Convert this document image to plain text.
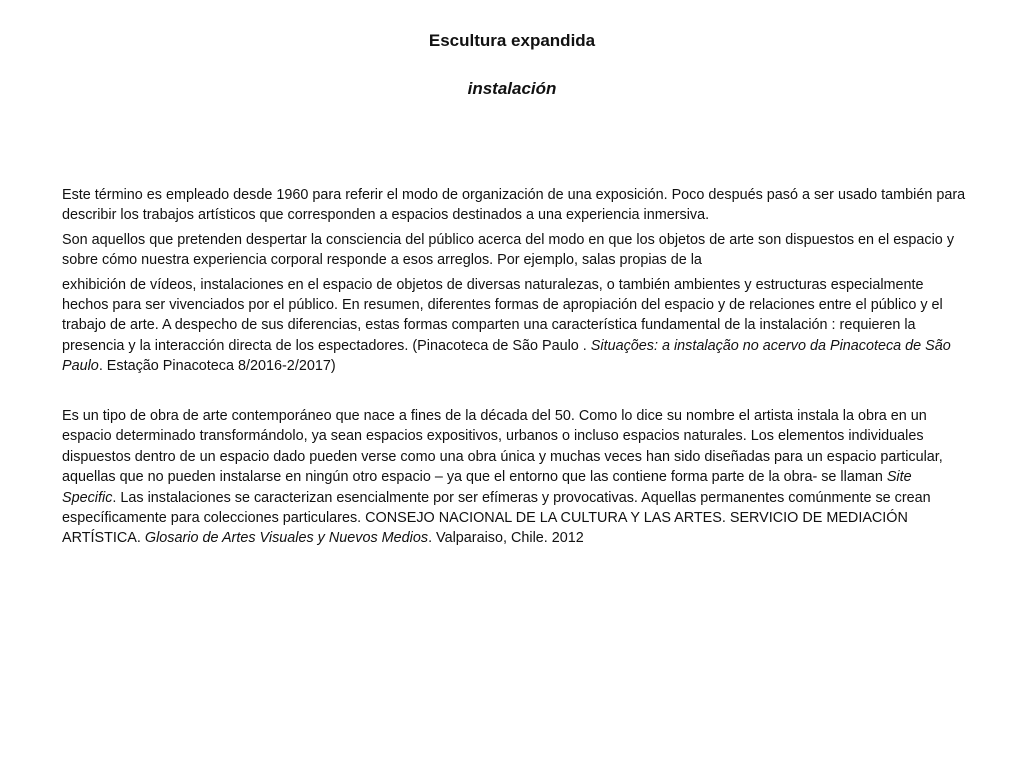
Escultura expandida
instalación

Este término es empleado desde 1960 para referir el modo de organización de una exposición. Poco después pasó a ser usado también para describir los trabajos artísticos que corresponden a espacios destinados a una experiencia inmersiva.

Son aquellos que pretenden despertar la consciencia del público acerca del modo en que los objetos de arte son dispuestos en el espacio y sobre cómo nuestra experiencia corporal responde a esos arreglos. Por ejemplo, salas propias de la

exhibición de vídeos, instalaciones en el espacio de objetos de diversas naturalezas, o también ambientes y estructuras especialmente hechos para ser vivenciados por el público. En resumen, diferentes formas de apropiación del espacio y de relaciones entre el público y el trabajo de arte. A despecho de sus diferencias, estas formas comparten una característica fundamental de la instalación : requieren la presencia y la interacción directa de los espectadores. (Pinacoteca de São Paulo . Situações: a instalação no acervo da Pinacoteca de São Paulo. Estação Pinacoteca 8/2016-2/2017)

Es un tipo de obra de arte contemporáneo que nace a fines de la década del 50. Como lo dice su nombre el artista instala la obra en un espacio determinado transformándolo, ya sean espacios expositivos, urbanos o incluso espacios naturales. Los elementos individuales dispuestos dentro de un espacio dado pueden verse como una obra única y muchas veces han sido diseñadas para un espacio particular, aquellas que no pueden instalarse en ningún otro espacio – ya que el entorno que las contiene forma parte de la obra- se llaman Site Specific. Las instalaciones se caracterizan esencialmente por ser efímeras y provocativas. Aquellas permanentes comúnmente se crean específicamente para colecciones particulares. CONSEJO NACIONAL DE LA CULTURA Y LAS ARTES. SERVICIO DE MEDIACIÓN ARTÍSTICA. Glosario de Artes Visuales y Nuevos Medios. Valparaiso, Chile. 2012
